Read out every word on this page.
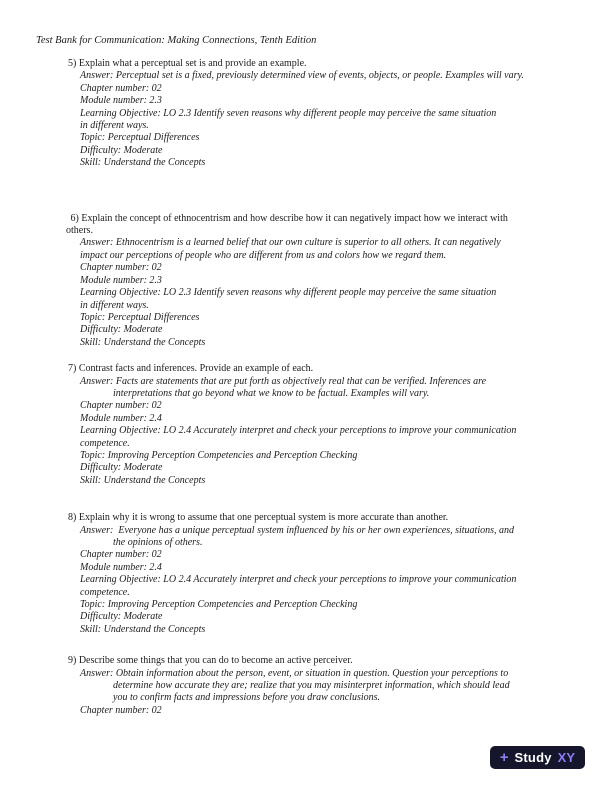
Test Bank for Communication: Making Connections, Tenth Edition
5) Explain what a perceptual set is and provide an example.
Answer: Perceptual set is a fixed, previously determined view of events, objects, or people. Examples will vary.
Chapter number: 02
Module number: 2.3
Learning Objective: LO 2.3 Identify seven reasons why different people may perceive the same situation
in different ways.
Topic: Perceptual Differences
Difficulty: Moderate
Skill: Understand the Concepts
6) Explain the concept of ethnocentrism and how describe how it can negatively impact how we interact with
others.
Answer: Ethnocentrism is a learned belief that our own culture is superior to all others. It can negatively
impact our perceptions of people who are different from us and colors how we regard them.
Chapter number: 02
Module number: 2.3
Learning Objective: LO 2.3 Identify seven reasons why different people may perceive the same situation
in different ways.
Topic: Perceptual Differences
Difficulty: Moderate
Skill: Understand the Concepts
7) Contrast facts and inferences. Provide an example of each.
Answer: Facts are statements that are put forth as objectively real that can be verified. Inferences are
interpretations that go beyond what we know to be factual. Examples will vary.
Chapter number: 02
Module number: 2.4
Learning Objective: LO 2.4 Accurately interpret and check your perceptions to improve your communication
competence.
Topic: Improving Perception Competencies and Perception Checking
Difficulty: Moderate
Skill: Understand the Concepts
8) Explain why it is wrong to assume that one perceptual system is more accurate than another.
Answer:  Everyone has a unique perceptual system influenced by his or her own experiences, situations, and
the opinions of others.
Chapter number: 02
Module number: 2.4
Learning Objective: LO 2.4 Accurately interpret and check your perceptions to improve your communication
competence.
Topic: Improving Perception Competencies and Perception Checking
Difficulty: Moderate
Skill: Understand the Concepts
9) Describe some things that you can do to become an active perceiver.
Answer: Obtain information about the person, event, or situation in question. Question your perceptions to
determine how accurate they are; realize that you may misinterpret information, which should lead
you to confirm facts and impressions before you draw conclusions.
Chapter number: 02
+ Study XY
